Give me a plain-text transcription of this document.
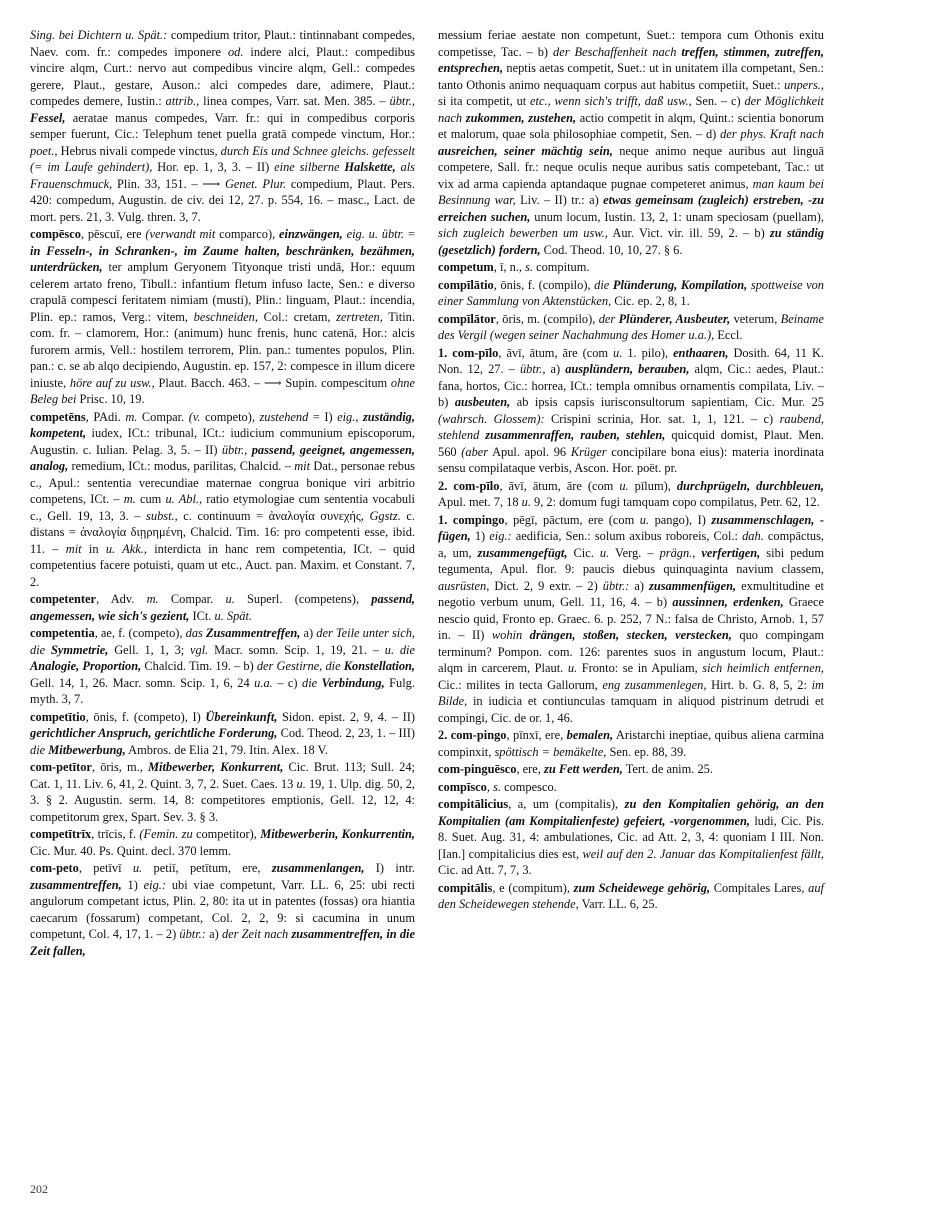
Sing. bei Dichtern u. Spät.: compedium tritor, Plaut.: tintinnabant compedes, Naev. com. fr.: compedes imponere od. indere alci, Plaut.: compedibus vincire alqm, Curt.: nervo aut compedibus vincire alqm, Gell.: compedes gerere, Plaut., gestare, Auson.: alci compedes dare, adimere, Plaut.: compedes demere, Iustin.: attrib., linea compes, Varr. sat. Men. 385. – übtr., Fessel, aeratae manus compedes, Varr. fr.: qui in compedibus corporis semper fuerunt, Cic.: Telephum tenet puella gratā compede vinctum, Hor.: poet., Hebrus nivali compede vinctus, durch Eis und Schnee gleichs. gefesselt (= im Laufe gehindert), Hor. ep. 1, 3, 3. – II) eine silberne Halskette, als Frauenschmuck, Plin. 33, 151. – ⟶ Genet. Plur. compedium, Plaut. Pers. 420: compedum, Augustin. de civ. dei 12, 27. p. 554, 16. – masc., Lact. de mort. pers. 21, 3. Vulg. thren. 3, 7.

compēsco, pēscuī, ere (verwandt mit comparco), einzwängen, eig. u. übtr. = in Fesseln-, in Schranken-, im Zaume halten, beschränken, bezähmen, unterdrücken, ter amplum Geryonem Tityonque tristi undā, Hor.: equum celerem artato freno, Tibull.: infantium fletum infuso lacte, Sen.: e diverso crapulā compesci feritatem nimiam (musti), Plin.: linguam, Plaut.: incendia, Plin. ep.: ramos, Verg.: vitem, beschneiden, Col.: cretam, zertreten, Titin. com. fr. – clamorem, Hor.: (animum) hunc frenis, hunc catenā, Hor.: alcis furorem armis, Vell.: hostilem terrorem, Plin. pan.: tumentes populos, Plin. pan.: c. se ab alqo decipiendo, Augustin. ep. 157, 2: compesce in illum dicere iniuste, höre auf zu usw., Plaut. Bacch. 463. – ⟶ Supin. compescitum ohne Beleg bei Prisc. 10, 19.

competēns, PAdi. m. Compar. (v. competo), zustehend = I) eig., zuständig, kompetent, iudex, ICt.: tribunal, ICt.: iudicium communium episcoporum, Augustin. c. Iulian. Pelag. 3, 5. – II) übtr., passend, geeignet, angemessen, analog, remedium, ICt.: modus, parilitas, Chalcid. – mit Dat., personae rebus c., Apul.: sententia verecundiae maternae congrua bonique viri arbitrio competens, ICt. – m. cum u. Abl., ratio etymologiae cum sententia vocabuli c., Gell. 19, 13, 3. – subst., c. continuum = ἀναλογία συνεχής, Ggstz. c. distans = ἀναλογία διῃρημένη, Chalcid. Tim. 16: pro competenti esse, ibid. 11. – mit in u. Akk., interdicta in hanc rem competentia, ICt. – quid competentius facere potuisti, quam ut etc., Auct. pan. Maxim. et Constant. 7, 2.

competenter, Adv. m. Compar. u. Superl. (competens), passend, angemessen, wie sich's gezient, ICt. u. Spät.

competentia, ae, f. (competo), das Zusammentreffen, a) der Teile unter sich, die Symmetrie, Gell. 1, 1, 3; vgl. Macr. somn. Scip. 1, 19, 21. – u. die Analogie, Proportion, Chalcid. Tim. 19. – b) der Gestirne, die Konstellation, Gell. 14, 1, 26. Macr. somn. Scip. 1, 6, 24 u.a. – c) die Verbindung, Fulg. myth. 3, 7.

competītio, ōnis, f. (competo), I) Übereinkunft, Sidon. epist. 2, 9, 4. – II) gerichtlicher Anspruch, gerichtliche Forderung, Cod. Theod. 2, 23, 1. – III) die Mitbewerbung, Ambros. de Elia 21, 79. Itin. Alex. 18 V.

com-petītor, ōris, m., Mitbewerber, Konkurrent, Cic. Brut. 113; Sull. 24; Cat. 1, 11. Liv. 6, 41, 2. Quint. 3, 7, 2. Suet. Caes. 13 u. 19, 1. Ulp. dig. 50, 2, 3. § 2. Augustin. serm. 14, 8: competitores emptionis, Gell. 12, 12, 4: competitorum grex, Spart. Sev. 3. § 3.

competītrīx, trīcis, f. (Femin. zu competitor), Mitbewerberin, Konkurrentin, Cic. Mur. 40. Ps. Quint. decl. 370 lemm.

com-peto, petīvī u. petiī, petītum, ere, zusammenlangen, I) intr. zusammentreffen, 1) eig.: ubi viae competunt, Varr. LL. 6, 25: ubi recti angulorum competant ictus, Plin. 2, 80: ita ut in patentes (fossas) ora hiantia caecarum (fossarum) competant, Col. 2, 2, 9: si cacumina in unum competunt, Col. 4, 17, 1. – 2) übtr.: a) der Zeit nach zusammentreffen, in die Zeit fallen,

messium feriae aestate non competunt, Suet.: tempora cum Othonis exitu competisse, Tac. – b) der Beschaffenheit nach treffen, stimmen, zutreffen, entsprechen, neptis aetas competit, Suet.: ut in unitatem illa competant, Sen.: tanto Othonis animo nequaquam corpus aut habitus competiit, Suet.: unpers., si ita competit, ut etc., wenn sich's trifft, daß usw., Sen. – c) der Möglichkeit nach zukommen, zustehen, actio competit in alqm, Quint.: scientia bonorum et malorum, quae sola philosophiae competit, Sen. – d) der phys. Kraft nach ausreichen, seiner mächtig sein, neque animo neque auribus aut linguā competere, Sall. fr.: neque oculis neque auribus satis competebant, Tac.: ut vix ad arma capienda aptandaque pugnae competeret animus, man kaum bei Besinnung war, Liv. – II) tr.: a) etwas gemeinsam (zugleich) erstreben, -zu erreichen suchen, unum locum, Iustin. 13, 2, 1: unam speciosam (puellam), sich zugleich bewerben um usw., Aur. Vict. vir. ill. 59, 2. – b) zu ständig (gesetzlich) fordern, Cod. Theod. 10, 10, 27. § 6.

competum, ī, n., s. compitum.

compīlātio, ōnis, f. (compilo), die Plünderung, Kompilation, spottweise von einer Sammlung von Aktenstücken, Cic. ep. 2, 8, 1.

compīlātor, ōris, m. (compilo), der Plünderer, Ausbeuter, veterum, Beiname des Vergil (wegen seiner Nachahmung des Homer u.a.), Eccl.

1. com-pīlo, āvī, ātum, āre (com u. 1. pilo), enthaaren, Dosith. 64, 11 K. Non. 12, 27. – übtr., a) ausplündern, berauben, alqm, Cic.: aedes, Plaut.: fana, hortos, Cic.: horrea, ICt.: templa omnibus ornamentis compilata, Liv. – b) ausbeuten, ab ipsis capsis iurisconsultorum sapientiam, Cic. Mur. 25 (wahrsch. Glossem): Crispini scrinia, Hor. sat. 1, 1, 121. – c) raubend, stehlend zusammenraffen, rauben, stehlen, quicquid domist, Plaut. Men. 560 (aber Apul. apol. 96 Krüger concipilare bona eius): materia inordinata sensu compilataque verbis, Ascon. Hor. poët. pr.

2. com-pīlo, āvī, ātum, āre (com u. pīlum), durchprügeln, durchbleuen, Apul. met. 7, 18 u. 9, 2: domum fugi tamquam copo compilatus, Petr. 62, 12.

1. compingo, pēgī, pāctum, ere (com u. pango), I) zusammenschlagen, -fügen, 1) eig.: aedificia, Sen.: solum axibus roboreis, Col.: dah. compāctus, a, um, zusammengefügt, Cic. u. Verg. – prägn., verfertigen, sibi pedum tegumenta, Apul. flor. 9: paucis diebus quinquaginta navium classem, ausrüsten, Dict. 2, 9 extr. – 2) übtr.: a) zusammenfügen, exmultitudine et negotio verbum unum, Gell. 11, 16, 4. – b) aussinnen, erdenken, Graece nescio quid, Fronto ep. Graec. 6. p. 252, 7 N.: falsa de Christo, Arnob. 1, 57 in. – II) wohin drängen, stoßen, stecken, verstecken, quo compingam terminum? Pompon. com. 126: parentes suos in angustum locum, Plaut.: alqm in carcerem, Plaut. u. Fronto: se in Apuliam, sich heimlich entfernen, Cic.: milites in tecta Gallorum, eng zusammenlegen, Hirt. b. G. 8, 5, 2: im Bilde, in iudicia et contiunculas tamquam in aliquod pistrinum detrudi et compingi, Cic. de or. 1, 46.

2. com-pingo, pīnxī, ere, bemalen, Aristarchi ineptiae, quibus aliena carmina compinxit, spöttisch = bemäkelte, Sen. ep. 88, 39.

com-pinguēsco, ere, zu Fett werden, Tert. de anim. 25.

compīsco, s. compesco.

compitālicius, a, um (compitalis), zu den Kompitalien gehörig, an den Kompitalien (am Kompitalienfeste) gefeiert, -vorgenommen, ludi, Cic. Pis. 8. Suet. Aug. 31, 4: ambulationes, Cic. ad Att. 2, 3, 4: quoniam I III. Non. [Ian.] compitalicius dies est, weil auf den 2. Januar das Kompitalienfest fällt, Cic. ad Att. 7, 7, 3.

compitālis, e (compitum), zum Scheidewege gehörig, Compitales Lares, auf den Scheidewegen stehende, Varr. LL. 6, 25.

202
